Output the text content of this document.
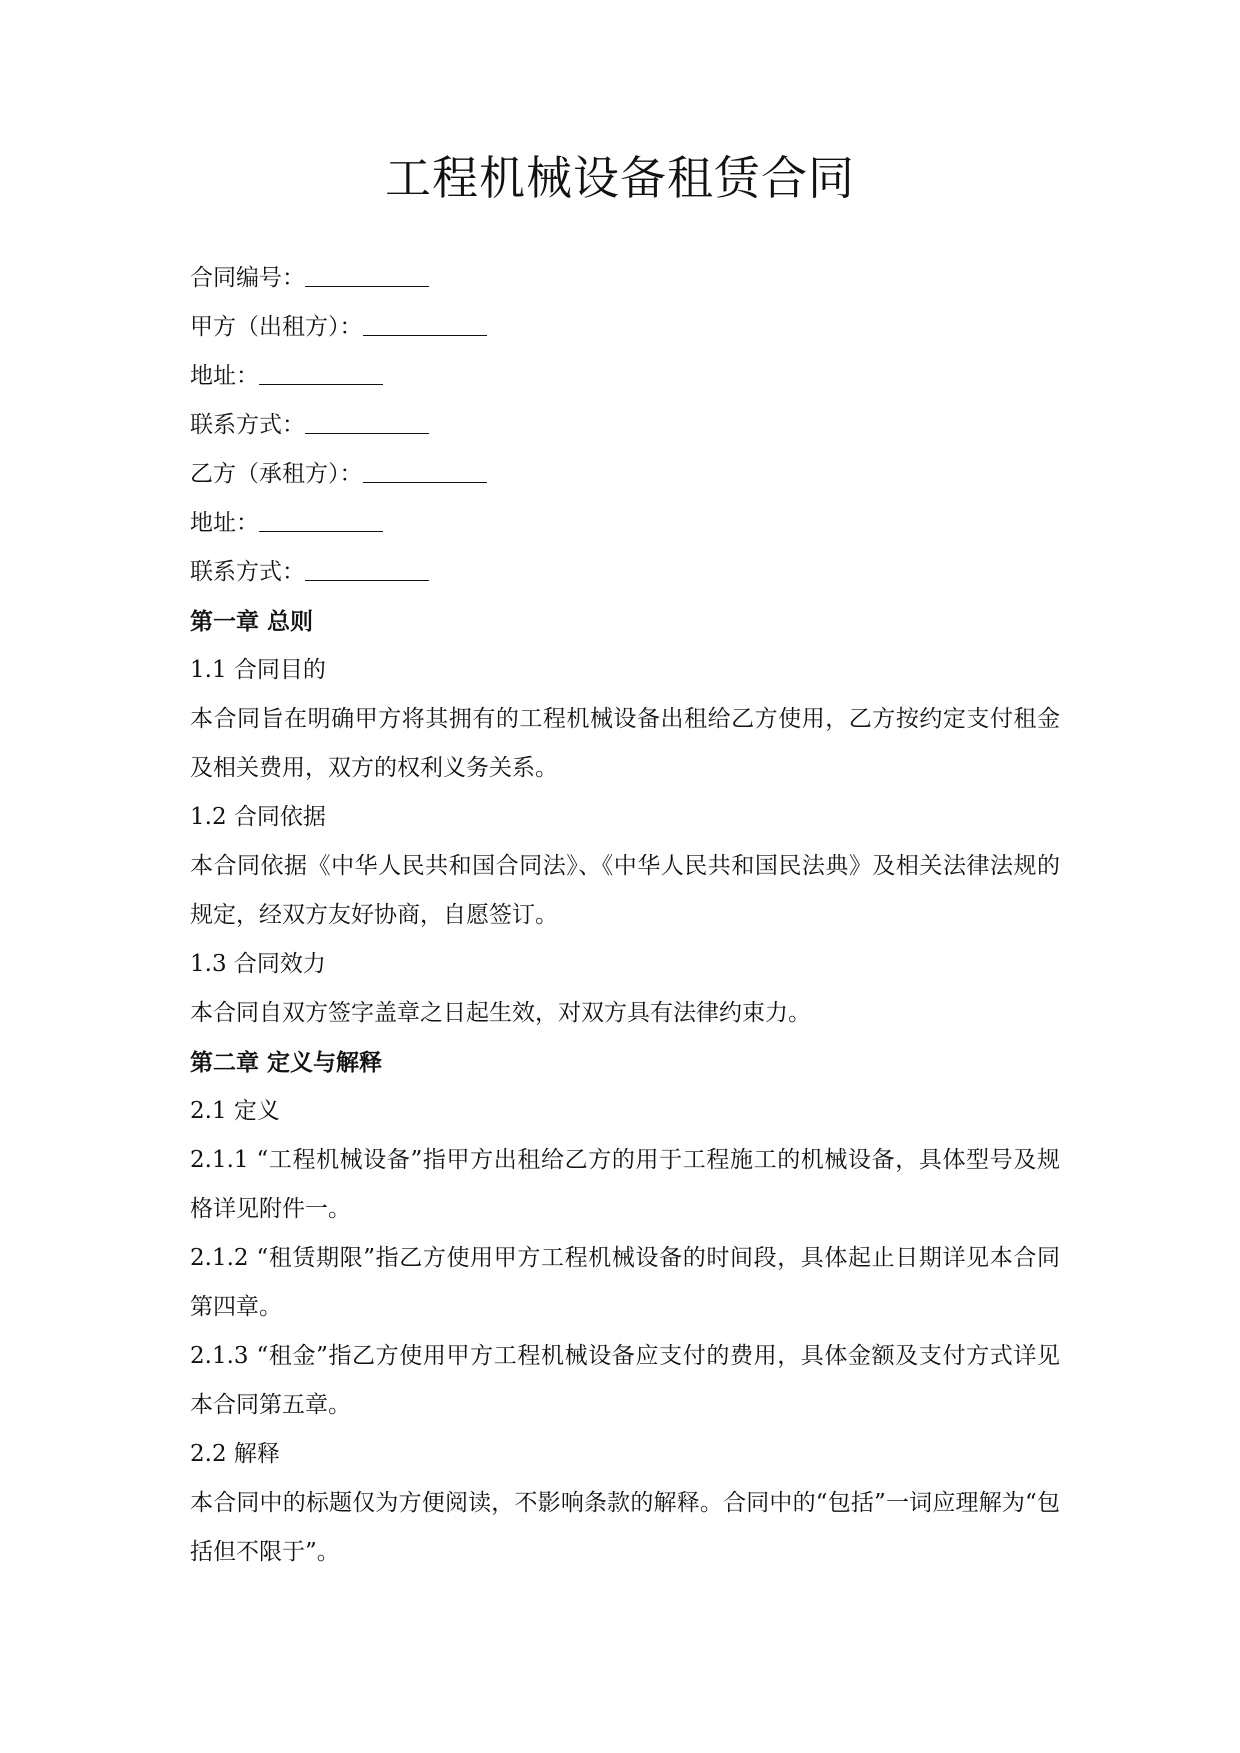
工程机械设备租赁合同
合同编号：
甲方（出租方）：
地址：
联系方式：
乙方（承租方）：
地址：
联系方式：
第一章 总则
1.1 合同目的

本合同旨在明确甲方将其拥有的工程机械设备出租给乙方使用，乙方按约定支付租金及相关费用，双方的权利义务关系。

1.2 合同依据

本合同依据《中华人民共和国合同法》、《中华人民共和国民法典》及相关法律法规的规定，经双方友好协商，自愿签订。

1.3 合同效力

本合同自双方签字盖章之日起生效，对双方具有法律约束力。

第二章 定义与解释
2.1 定义

2.1.1 “工程机械设备”指甲方出租给乙方的用于工程施工的机械设备，具体型号及规格详见附件一。

2.1.2 “租赁期限”指乙方使用甲方工程机械设备的时间段，具体起止日期详见本合同第四章。

2.1.3 “租金”指乙方使用甲方工程机械设备应支付的费用，具体金额及支付方式详见本合同第五章。

2.2 解释

本合同中的标题仅为方便阅读，不影响条款的解释。合同中的“包括”一词应理解为“包括但不限于”。
